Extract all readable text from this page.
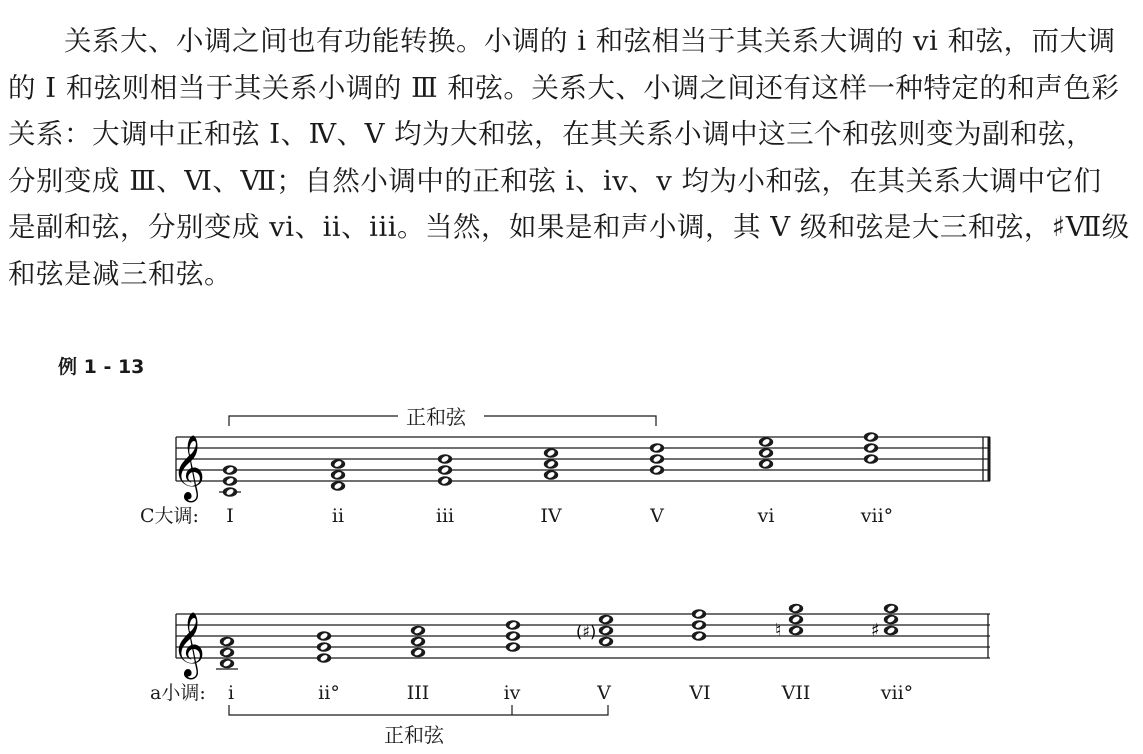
关系大、小调之间也有功能转换。小调的 i 和弦相当于其关系大调的 vi 和弦，而大调
的 Ⅰ 和弦则相当于其关系小调的 Ⅲ 和弦。关系大、小调之间还有这样一种特定的和声色彩
关系：大调中正和弦 Ⅰ、Ⅳ、Ⅴ 均为大和弦，在其关系小调中这三个和弦则变为副和弦，
分别变成 Ⅲ、Ⅵ、Ⅶ；自然小调中的正和弦 i、iv、v 均为小和弦，在其关系大调中它们
是副和弦，分别变成 vi、ii、iii。当然，如果是和声小调，其 Ⅴ 级和弦是大三和弦，♯Ⅶ级
和弦是减三和弦。
例 1 - 13
𝄞
正和弦
C大调: I	ii	iii	IV	V	vi	vii°
𝄞	(♯)	♮	♯
a小调: i	ii°	III	iv	V	VI	VII	vii°
正和弦
